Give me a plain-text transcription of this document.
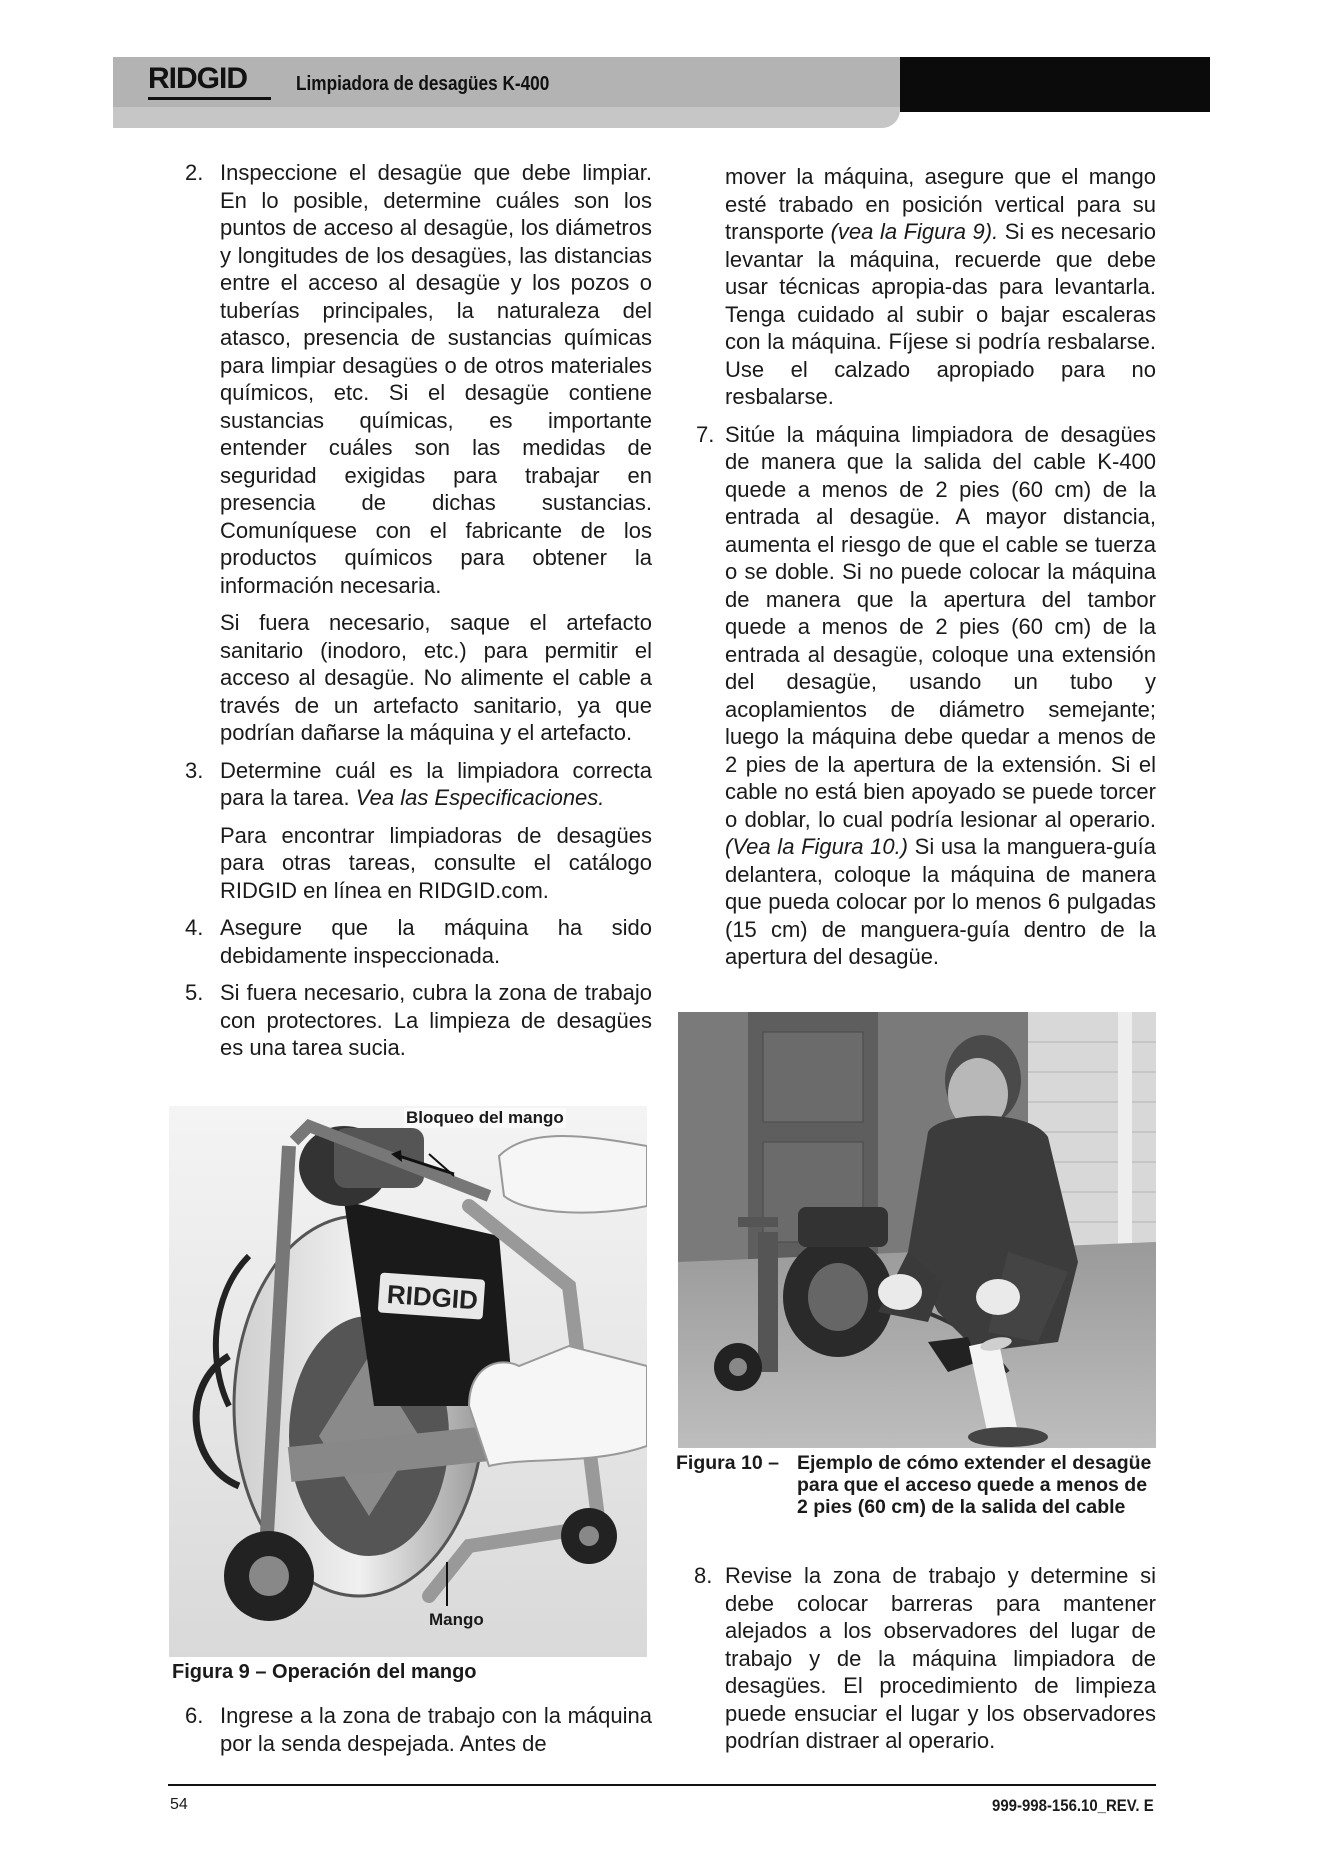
RIDGID Limpiadora de desagües K-400
2. Inspeccione el desagüe que debe limpiar. En lo posible, determine cuáles son los puntos de acceso al desagüe, los diámetros y longitudes de los desagües, las distancias entre el acceso al desagüe y los pozos o tuberías principales, la naturaleza del atasco, presencia de sustancias químicas para limpiar desagües o de otros materiales químicos, etc. Si el desagüe contiene sustancias químicas, es importante entender cuáles son las medidas de seguridad exigidas para trabajar en presencia de dichas sustancias. Comuníquese con el fabricante de los productos químicos para obtener la información necesaria.

Si fuera necesario, saque el artefacto sanitario (inodoro, etc.) para permitir el acceso al desagüe. No alimente el cable a través de un artefacto sanitario, ya que podrían dañarse la máquina y el artefacto.

3. Determine cuál es la limpiadora correcta para la tarea. Vea las Especificaciones.

Para encontrar limpiadoras de desagües para otras tareas, consulte el catálogo RIDGID en línea en RIDGID.com.

4. Asegure que la máquina ha sido debidamente inspeccionada.

5. Si fuera necesario, cubra la zona de trabajo con protectores. La limpieza de desagües es una tarea sucia.

RIDGID
Bloqueo del mango
Mango
Figura 9 – Operación del mango
6. Ingrese a la zona de trabajo con la máquina por la senda despejada. Antes de

mover la máquina, asegure que el mango esté trabado en posición vertical para su transporte (vea la Figura 9). Si es necesario levantar la máquina, recuerde que debe usar técnicas apropia-das para levantarla. Tenga cuidado al subir o bajar escaleras con la máquina. Fíjese si podría resbalarse. Use el calzado apropiado para no resbalarse.

7. Sitúe la máquina limpiadora de desagües de manera que la salida del cable K-400 quede a menos de 2 pies (60 cm) de la entrada al desagüe. A mayor distancia, aumenta el riesgo de que el cable se tuerza o se doble. Si no puede colocar la máquina de manera que la apertura del tambor quede a menos de 2 pies (60 cm) de la entrada al desagüe, coloque una extensión del desagüe, usando un tubo y acoplamientos de diámetro semejante; luego la máquina debe quedar a menos de 2 pies de la apertura de la extensión. Si el cable no está bien apoyado se puede torcer o doblar, lo cual podría lesionar al operario. (Vea la Figura 10.) Si usa la manguera-guía delantera, coloque la máquina de manera que pueda colocar por lo menos 6 pulgadas (15 cm) de manguera-guía dentro de la apertura del desagüe.

Figura 10 – Ejemplo de cómo extender el desagüe para que el acceso quede a menos de 2 pies (60 cm) de la salida del cable
8. Revise la zona de trabajo y determine si debe colocar barreras para mantener alejados a los observadores del lugar de trabajo y de la máquina limpiadora de desagües. El procedimiento de limpieza puede ensuciar el lugar y los observadores podrían distraer al operario.

54	999-998-156.10_REV. E
